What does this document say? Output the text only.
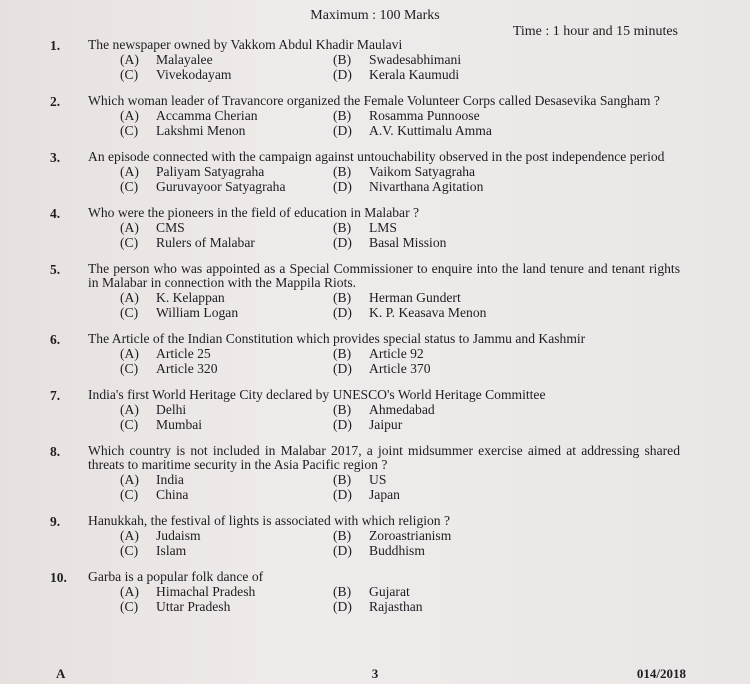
Maximum : 100 Marks
Time : 1 hour and 15 minutes
1.	The newspaper owned by Vakkom Abdul Khadir Maulavi
(A) Malayalee	(B) Swadesabhimani
(C) Vivekodayam	(D) Kerala Kaumudi
2.	Which woman leader of Travancore organized the Female Volunteer Corps called Desasevika Sangham ?
(A) Accamma Cherian	(B) Rosamma Punnoose
(C) Lakshmi Menon	(D) A.V. Kuttimalu Amma
3.	An episode connected with the campaign against untouchability observed in the post independence period
(A) Paliyam Satyagraha	(B) Vaikom Satyagraha
(C) Guruvayoor Satyagraha	(D) Nivarthana Agitation
4.	Who were the pioneers in the field of education in Malabar ?
(A) CMS	(B) LMS
(C) Rulers of Malabar	(D) Basal Mission
5.	The person who was appointed as a Special Commissioner to enquire into the land tenure and tenant rights in Malabar in connection with the Mappila Riots.
(A) K. Kelappan	(B) Herman Gundert
(C) William Logan	(D) K. P. Keasava Menon
6.	The Article of the Indian Constitution which provides special status to Jammu and Kashmir
(A) Article 25	(B) Article 92
(C) Article 320	(D) Article 370
7.	India's first World Heritage City declared by UNESCO's World Heritage Committee
(A) Delhi	(B) Ahmedabad
(C) Mumbai	(D) Jaipur
8.	Which country is not included in Malabar 2017, a joint midsummer exercise aimed at addressing shared threats to maritime security in the Asia Pacific region ?
(A) India	(B) US
(C) China	(D) Japan
9.	Hanukkah, the festival of lights is associated with which religion ?
(A) Judaism	(B) Zoroastrianism
(C) Islam	(D) Buddhism
10.	Garba is a popular folk dance of
(A) Himachal Pradesh	(B) Gujarat
(C) Uttar Pradesh	(D) Rajasthan
A	3	014/2018
